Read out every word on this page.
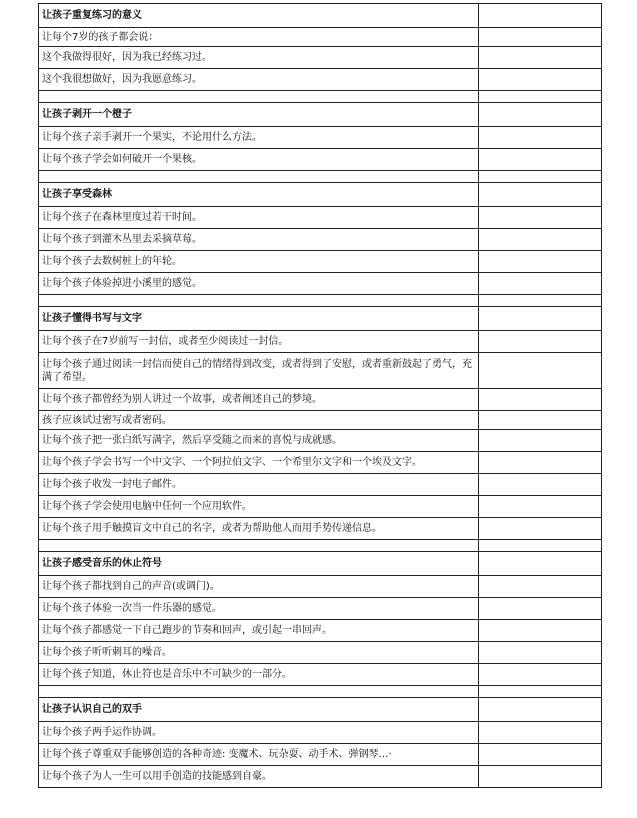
让孩子重复练习的意义	
让每个7岁的孩子都会说：	
这个我做得很好，因为我已经练习过。	
这个我很想做好，因为我愿意练习。	

让孩子剥开一个橙子	
让每个孩子亲手剥开一个果实，不论用什么方法。	
让每个孩子学会如何破开一个果核。	

让孩子享受森林	
让每个孩子在森林里度过若干时间。	
让每个孩子到灌木丛里去采摘草莓。	
让每个孩子去数树桩上的年轮。	
让每个孩子体验掉进小溪里的感觉。	

让孩子懂得书写与文字	
让每个孩子在7岁前写一封信，或者至少阅读过一封信。	
让每个孩子通过阅读一封信而使自己的情绪得到改变，或者得到了安慰，或者重新鼓起了勇气，充满了希望。	
让每个孩子都曾经为别人讲过一个故事，或者阐述自己的梦境。	
孩子应该试过密写或者密码。	
让每个孩子把一张白纸写满字，然后享受随之而来的喜悦与成就感。	
让每个孩子学会书写一个中文字、一个阿拉伯文字、一个希里尔文字和一个埃及文字。	
让每个孩子收发一封电子邮件。	
让每个孩子学会使用电脑中任何一个应用软件。	
让每个孩子用手触摸盲文中自己的名字，或者为帮助他人而用手势传递信息。	

让孩子感受音乐的休止符号	
让每个孩子都找到自己的声音(或调门)。	
让每个孩子体验一次当一件乐器的感觉。	
让每个孩子都感觉一下自己跑步的节奏和回声，或引起一串回声。	
让每个孩子听听刺耳的噪音。	
让每个孩子知道，休止符也是音乐中不可缺少的一部分。	

让孩子认识自己的双手	
让每个孩子两手运作协调。	
让每个孩子尊重双手能够创造的各种奇迹: 变魔术、玩杂耍、动手术、弹钢琴…·	
让每个孩子为人一生可以用手创造的技能感到自豪。	
